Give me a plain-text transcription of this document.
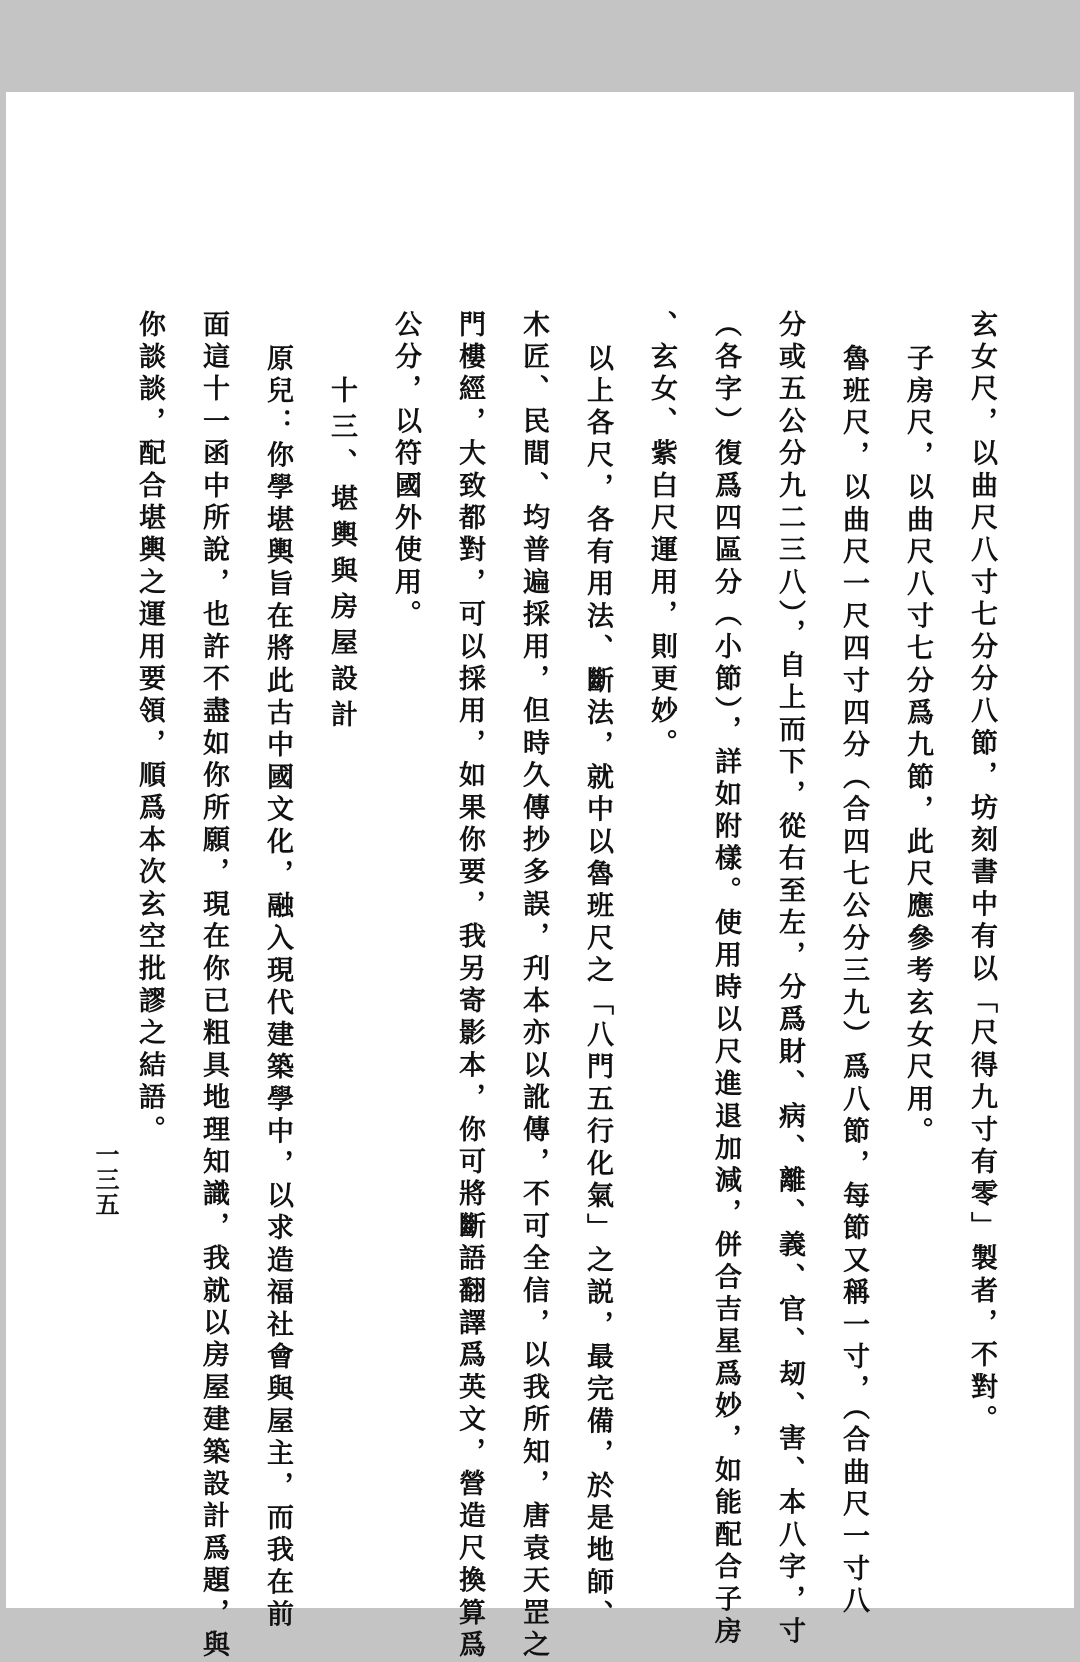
玄女尺，以曲尺八寸七分分八節，坊刻書中有以「尺得九寸有零」製者，不對。
子房尺，以曲尺八寸七分爲九節，此尺應參考玄女尺用。
魯班尺，以曲尺一尺四寸四分（合四七公分三九）爲八節，每節又稱一寸，（合曲尺一寸八
分或五公分九二三八），自上而下，從右至左，分爲財、病、離、義、官、刼、害、本八字，寸
（各字）復爲四區分（小節），詳如附樣。使用時以尺進退加減，併合吉星爲妙，如能配合子房
、玄女、紫白尺運用，則更妙。
以上各尺，各有用法、斷法，就中以魯班尺之「八門五行化氣」之説，最完備，於是地師、
木匠、民間、均普遍採用，但時久傳抄多誤，刋本亦以訛傳，不可全信，以我所知，唐袁天罡之
門樓經，大致都對，可以採用，如果你要，我另寄影本，你可將斷語翻譯爲英文，營造尺換算爲
公分，以符國外使用。
十三、堪輿與房屋設計
原兒：你學堪輿旨在將此古中國文化，融入現代建築學中，以求造福社會與屋主，而我在前
面這十一函中所說，也許不盡如你所願，現在你已粗具地理知識，我就以房屋建築設計爲題，與
你談談，配合堪輿之運用要領，順爲本次玄空批謬之結語。
一三五
